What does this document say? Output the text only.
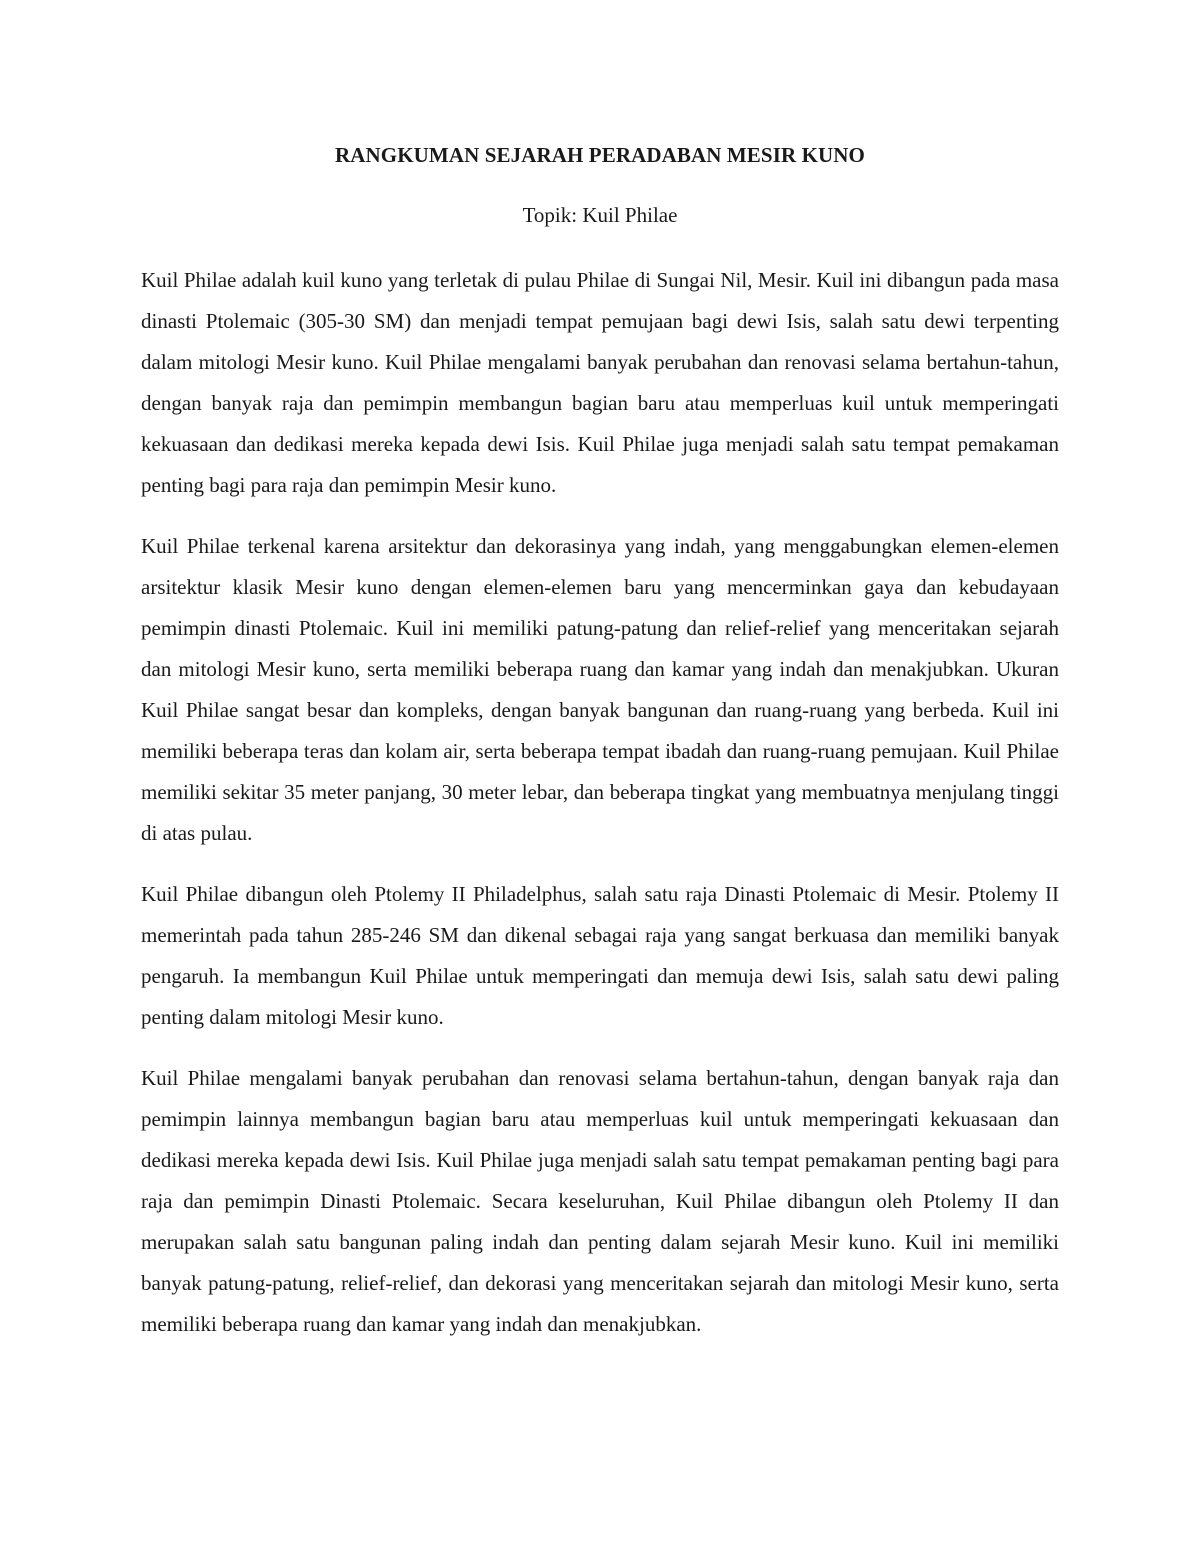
RANGKUMAN SEJARAH PERADABAN MESIR KUNO

Topik: Kuil Philae

Kuil Philae adalah kuil kuno yang terletak di pulau Philae di Sungai Nil, Mesir. Kuil ini dibangun pada masa dinasti Ptolemaic (305-30 SM) dan menjadi tempat pemujaan bagi dewi Isis, salah satu dewi terpenting dalam mitologi Mesir kuno. Kuil Philae mengalami banyak perubahan dan renovasi selama bertahun-tahun, dengan banyak raja dan pemimpin membangun bagian baru atau memperluas kuil untuk memperingati kekuasaan dan dedikasi mereka kepada dewi Isis. Kuil Philae juga menjadi salah satu tempat pemakaman penting bagi para raja dan pemimpin Mesir kuno.

Kuil Philae terkenal karena arsitektur dan dekorasinya yang indah, yang menggabungkan elemen-elemen arsitektur klasik Mesir kuno dengan elemen-elemen baru yang mencerminkan gaya dan kebudayaan pemimpin dinasti Ptolemaic. Kuil ini memiliki patung-patung dan relief-relief yang menceritakan sejarah dan mitologi Mesir kuno, serta memiliki beberapa ruang dan kamar yang indah dan menakjubkan. Ukuran Kuil Philae sangat besar dan kompleks, dengan banyak bangunan dan ruang-ruang yang berbeda. Kuil ini memiliki beberapa teras dan kolam air, serta beberapa tempat ibadah dan ruang-ruang pemujaan. Kuil Philae memiliki sekitar 35 meter panjang, 30 meter lebar, dan beberapa tingkat yang membuatnya menjulang tinggi di atas pulau.

Kuil Philae dibangun oleh Ptolemy II Philadelphus, salah satu raja Dinasti Ptolemaic di Mesir. Ptolemy II memerintah pada tahun 285-246 SM dan dikenal sebagai raja yang sangat berkuasa dan memiliki banyak pengaruh. Ia membangun Kuil Philae untuk memperingati dan memuja dewi Isis, salah satu dewi paling penting dalam mitologi Mesir kuno.

Kuil Philae mengalami banyak perubahan dan renovasi selama bertahun-tahun, dengan banyak raja dan pemimpin lainnya membangun bagian baru atau memperluas kuil untuk memperingati kekuasaan dan dedikasi mereka kepada dewi Isis. Kuil Philae juga menjadi salah satu tempat pemakaman penting bagi para raja dan pemimpin Dinasti Ptolemaic. Secara keseluruhan, Kuil Philae dibangun oleh Ptolemy II dan merupakan salah satu bangunan paling indah dan penting dalam sejarah Mesir kuno. Kuil ini memiliki banyak patung-patung, relief-relief, dan dekorasi yang menceritakan sejarah dan mitologi Mesir kuno, serta memiliki beberapa ruang dan kamar yang indah dan menakjubkan.
